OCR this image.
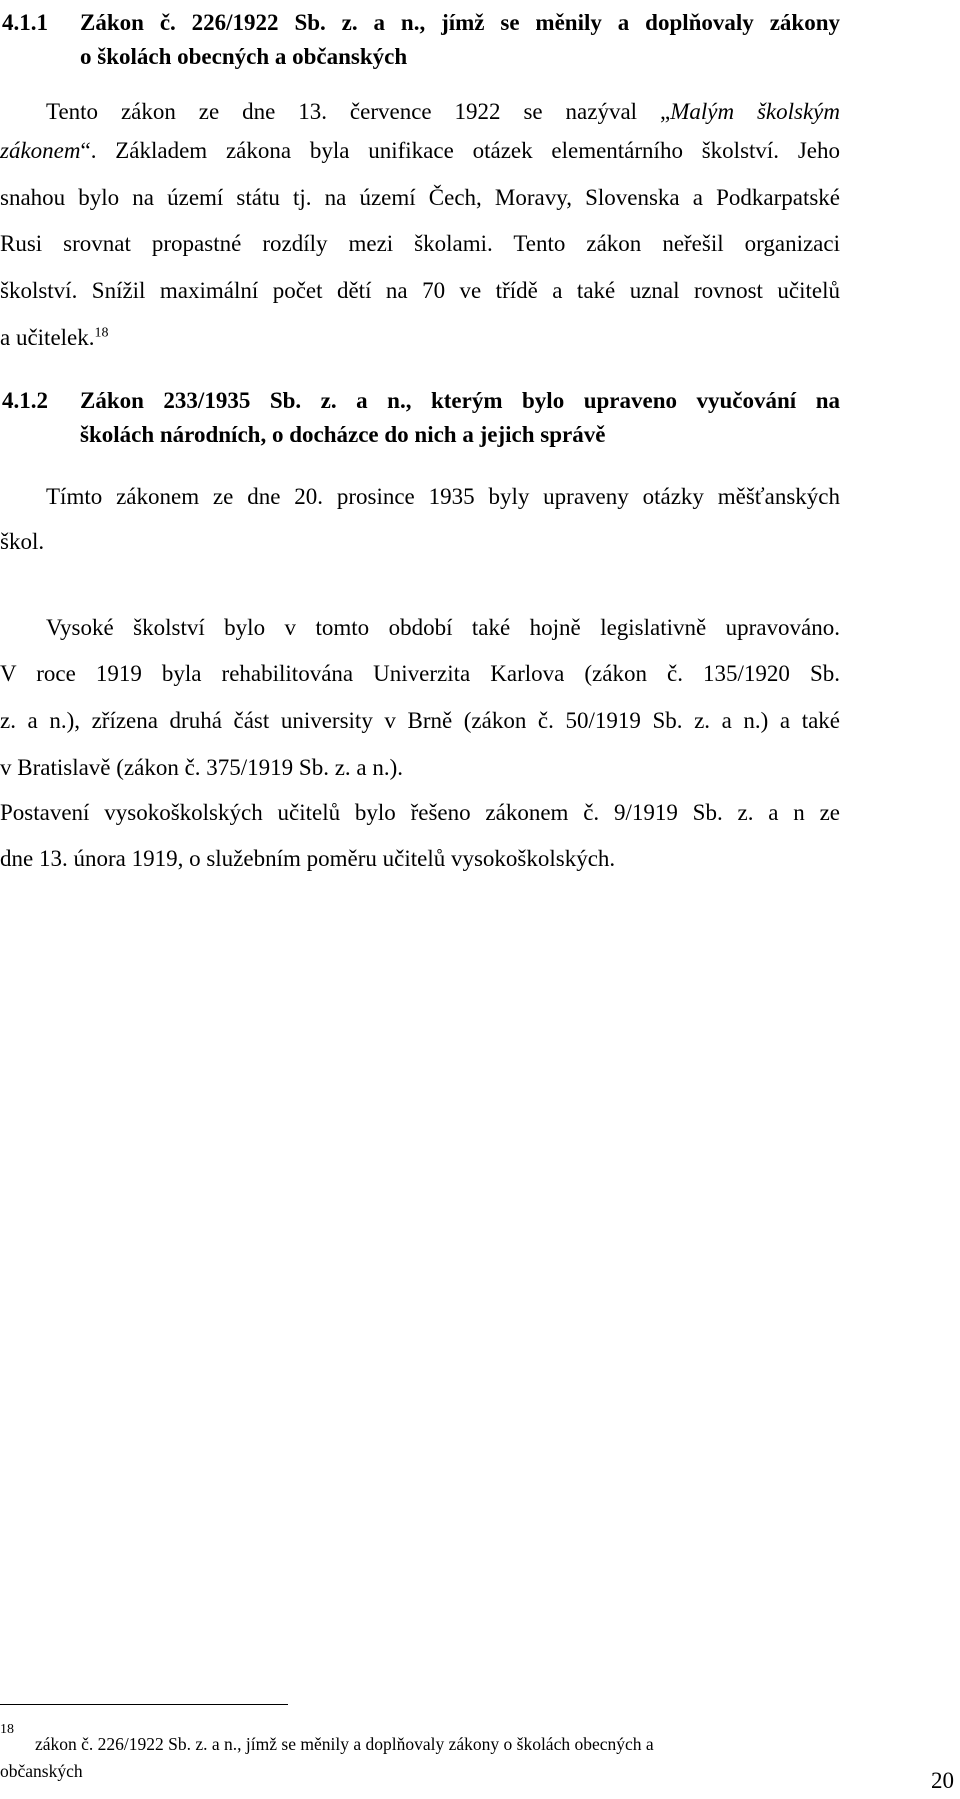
4.1.1 Zákon č. 226/1922 Sb. z. a n., jímž se měnily a doplňovaly zákony
o školách obecných a občanských
Tento zákon ze dne 13. července 1922 se nazýval „Malým školským
zákonem“. Základem zákona byla unifikace otázek elementárního školství. Jeho
snahou bylo na území státu tj. na území Čech, Moravy, Slovenska a Podkarpatské
Rusi srovnat propastné rozdíly mezi školami. Tento zákon neřešil organizaci
školství. Snížil maximální počet dětí na 70 ve třídě a také uznal rovnost učitelů
a učitelek.$^{18}$
4.1.2 Zákon 233/1935 Sb. z. a n., kterým bylo upraveno vyučování na
školách národních, o docházce do nich a jejich správě
Tímto zákonem ze dne 20. prosince 1935 byly upraveny otázky měšťanských
škol.
Vysoké školství bylo v tomto období také hojně legislativně upravováno.
V roce 1919 byla rehabilitována Univerzita Karlova (zákon č. 135/1920 Sb.
z. a n.), zřízena druhá část university v Brně (zákon č. 50/1919 Sb. z. a n.) a také
v Bratislavě (zákon č. 375/1919 Sb. z. a n.).
Postavení vysokoškolských učitelů bylo řešeno zákonem č. 9/1919 Sb. z. a n ze
dne 13. února 1919, o služebním poměru učitelů vysokoškolských.
18
zákon č. 226/1922 Sb. z. a n., jímž se měnily a doplňovaly zákony o školách obecných a
občanských	20
